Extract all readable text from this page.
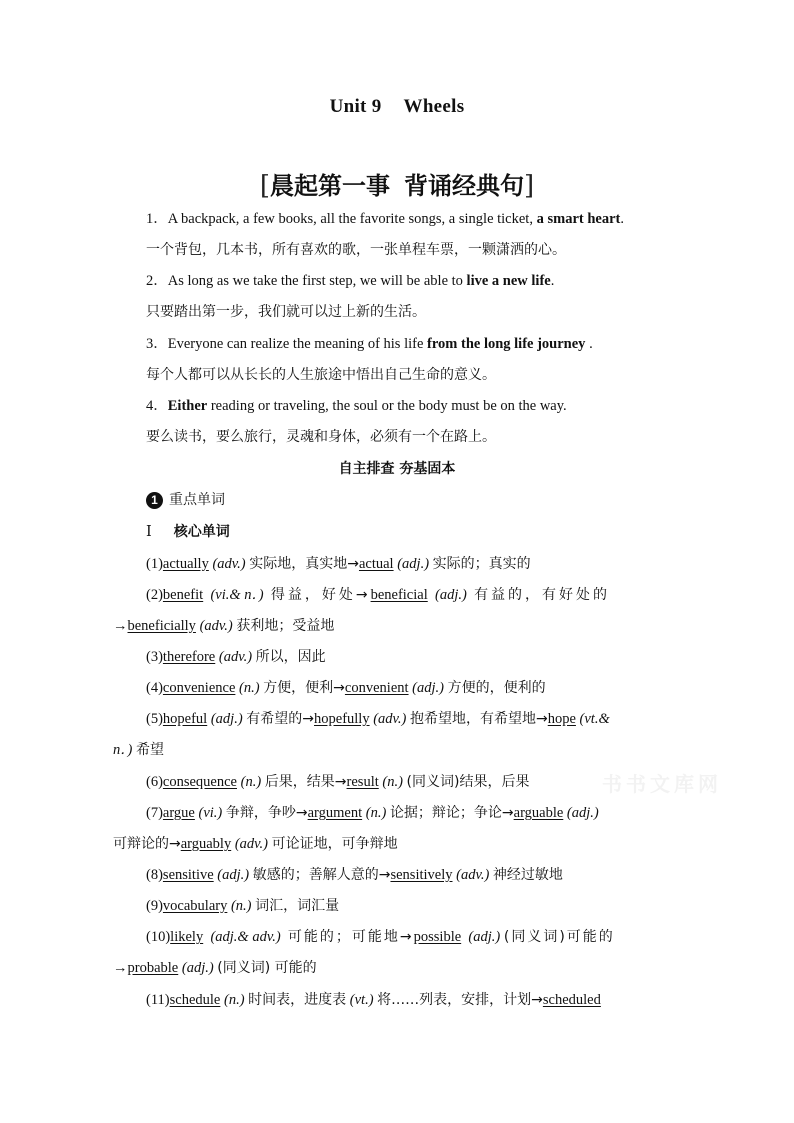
Unit 9 Wheels
[晨起第一事 背诵经典句]
1．A backpack, a few books, all the favorite songs, a single ticket, a smart heart.
一个背包，几本书，所有喜欢的歌，一张单程车票，一颗潇洒的心。
2．As long as we take the first step, we will be able to live a new life.
只要踏出第一步，我们就可以过上新的生活。
3．Everyone can realize the meaning of his life from the long life journey .
每个人都可以从长长的人生旅途中悟出自己生命的意义。
4．Either reading or traveling, the soul or the body must be on the way.
要么读书，要么旅行，灵魂和身体，必须有一个在路上。
自主排查 夯基固本
1 重点单词
Ⅰ 核心单词
(1)actually (adv.) 实际地，真实地→actual (adj.) 实际的；真实的
(2)benefit (vi.& n．) 得益，好处→beneficial (adj.) 有益的，有好处的
→beneficially (adv.) 获利地；受益地
(3)therefore (adv.) 所以，因此
(4)convenience (n.) 方便，便利→convenient (adj.) 方便的，便利的
(5)hopeful (adj.) 有希望的→hopefully (adv.) 抱希望地，有希望地→hope (vt.&
n．) 希望
(6)consequence (n.) 后果，结果→result (n.) (同义词)结果，后果
(7)argue (vi.) 争辩，争吵→argument (n.) 论据；辩论；争论→arguable (adj.)
可辩论的→arguably (adv.) 可论证地，可争辩地
(8)sensitive (adj.) 敏感的；善解人意的→sensitively (adv.) 神经过敏地
(9)vocabulary (n.) 词汇，词汇量
(10)likely (adj.& adv.) 可能的；可能地→possible (adj.) (同义词)可能的
→probable (adj.) (同义词) 可能的
(11)schedule (n.) 时间表，进度表 (vt.) 将……列表，安排，计划→scheduled
书书文库网
